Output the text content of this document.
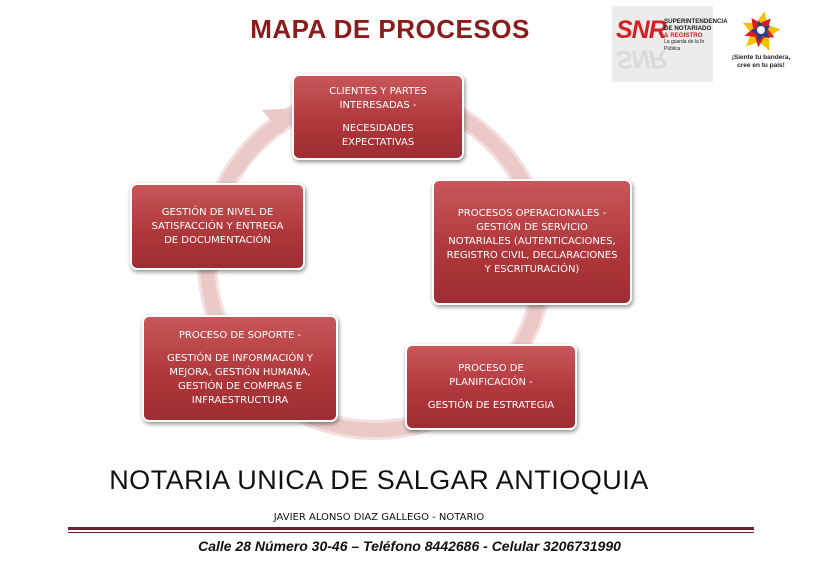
MAPA DE PROCESOS	SNR
SNR
SUPERINTENDENCIA
DE NOTARIADO
& REGISTRO
La guarda de la fe Pública
¡Siente tu bandera,
cree en tu país!
CLIENTES Y PARTES
INTERESADAS -
NECESIDADES
EXPECTATIVAS
PROCESOS OPERACIONALES -
GESTIÓN DE SERVICIO
NOTARIALES (AUTENTICACIONES,
REGISTRO CIVIL, DECLARACIONES
Y ESCRITURACIÓN)
PROCESO DE
PLANIFICACIÓN -
GESTIÓN DE ESTRATEGIA
PROCESO DE SOPORTE -
GESTIÓN DE INFORMACIÓN Y
MEJORA, GESTIÓN HUMANA,
GESTIÓN DE COMPRAS E
INFRAESTRUCTURA
GESTIÓN DE NIVEL DE
SATISFACCIÓN Y ENTREGA
DE DOCUMENTACIÓN
NOTARIA UNICA DE SALGAR ANTIOQUIA
JAVIER ALONSO DIAZ GALLEGO - NOTARIO
Calle 28 Número 30-46 – Teléfono 8442686 - Celular 3206731990
